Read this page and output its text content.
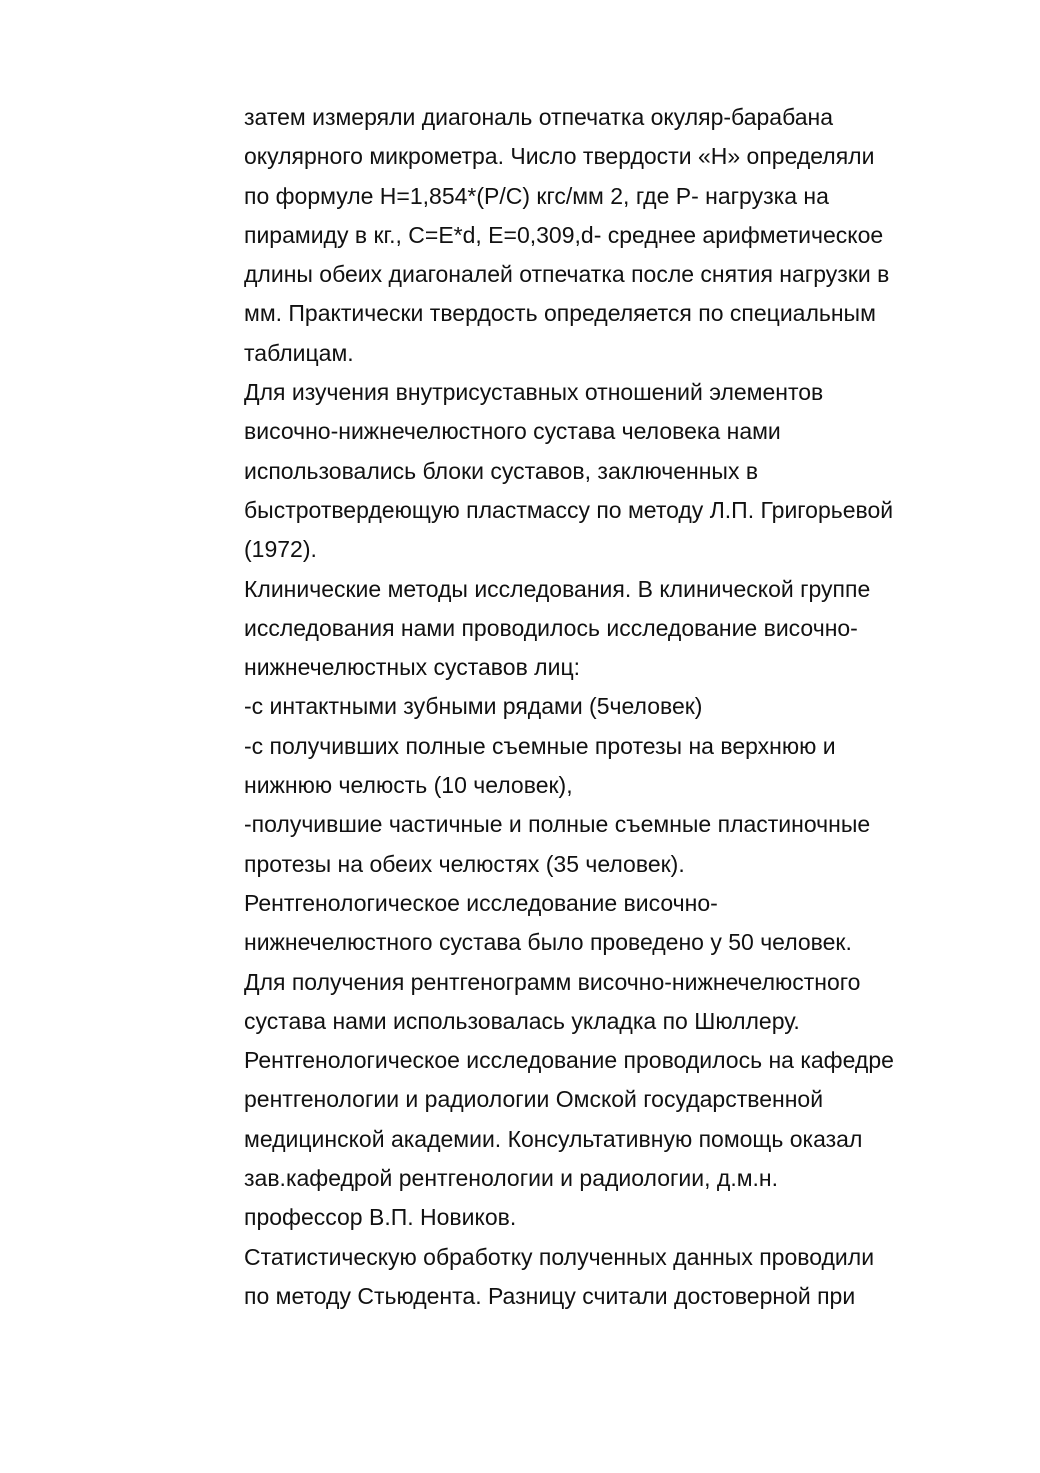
затем измеряли диагональ отпечатка окуляр-барабана
окулярного микрометра. Число твердости «Н» определяли
по формуле H=1,854*(P/C) кгс/мм 2, где Р- нагрузка на
пирамиду в кг., C=E*d, E=0,309,d- среднее арифметическое
длины обеих диагоналей отпечатка после снятия нагрузки в
мм. Практически твердость определяется по специальным
таблицам.
Для изучения внутрисуставных отношений элементов
височно-нижнечелюстного сустава человека нами
использовались блоки суставов, заключенных в
быстротвердеющую пластмассу по методу Л.П. Григорьевой
(1972).
Клинические методы исследования. В клинической группе
исследования нами проводилось исследование височно-
нижнечелюстных суставов лиц:
-с интактными зубными рядами (5человек)
-с получивших полные съемные протезы на верхнюю и
нижнюю челюсть (10 человек),
-получившие частичные и полные съемные пластиночные
протезы на обеих челюстях (35 человек).
Рентгенологическое исследование височно-
нижнечелюстного сустава было проведено у 50 человек.
Для получения рентгенограмм височно-нижнечелюстного
сустава нами использовалась укладка по Шюллеру.
Рентгенологическое исследование проводилось на кафедре
рентгенологии и радиологии Омской государственной
медицинской академии. Консультативную помощь оказал
зав.кафедрой рентгенологии и радиологии, д.м.н.
профессор В.П. Новиков.
Статистическую обработку полученных данных проводили
по методу Стьюдента. Разницу считали достоверной при
